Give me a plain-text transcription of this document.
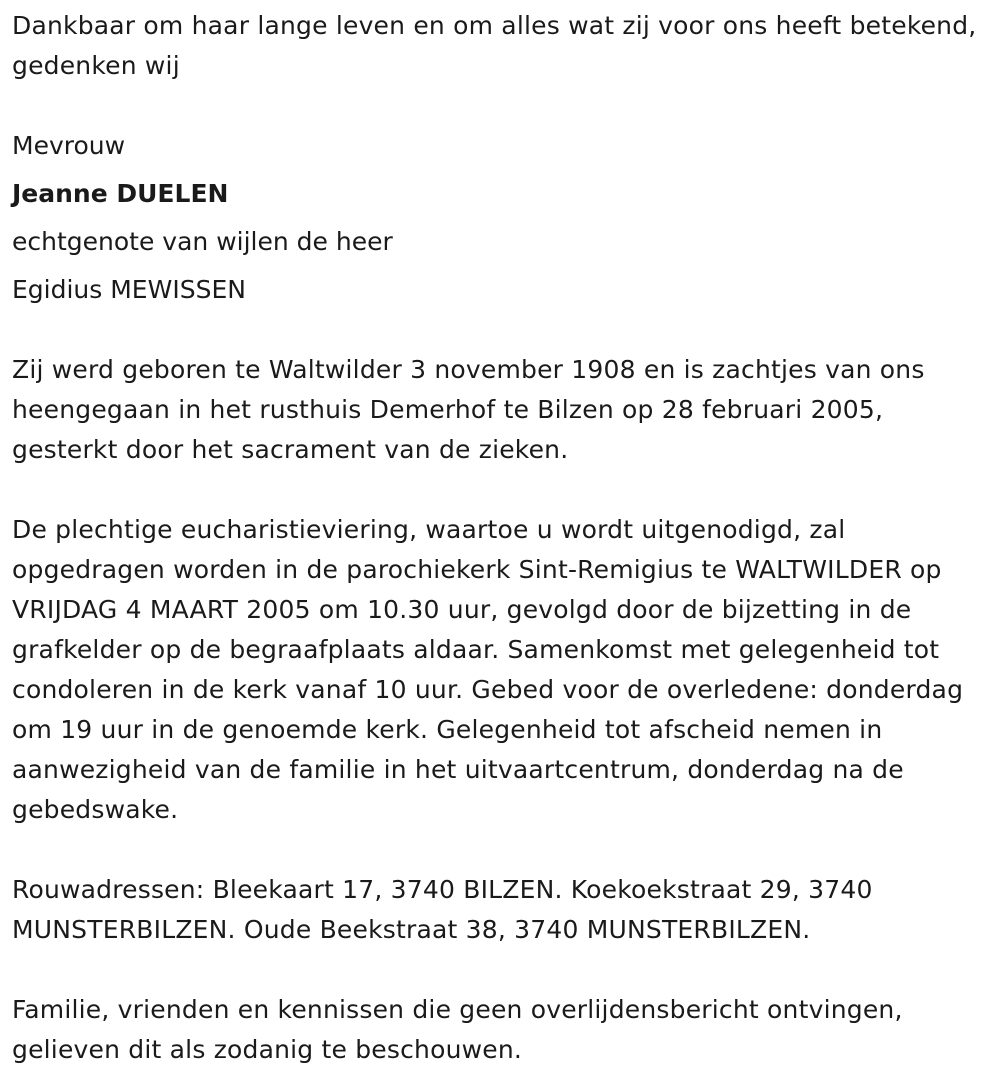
Dankbaar om haar lange leven en om alles wat zij voor ons heeft betekend, gedenken wij

Mevrouw
Jeanne DUELEN
echtgenote van wijlen de heer
Egidius MEWISSEN

Zij werd geboren te Waltwilder 3 november 1908 en is zachtjes van ons heengegaan in het rusthuis Demerhof te Bilzen op 28 februari 2005, gesterkt door het sacrament van de zieken.

De plechtige eucharistieviering, waartoe u wordt uitgenodigd, zal opgedragen worden in de parochiekerk Sint-Remigius te WALTWILDER op VRIJDAG 4 MAART 2005 om 10.30 uur, gevolgd door de bijzetting in de grafkelder op de begraafplaats aldaar. Samenkomst met gelegenheid tot condoleren in de kerk vanaf 10 uur. Gebed voor de overledene: donderdag om 19 uur in de genoemde kerk. Gelegenheid tot afscheid nemen in aanwezigheid van de familie in het uitvaartcentrum, donderdag na de gebedswake.

Rouwadressen: Bleekaart 17, 3740 BILZEN. Koekoekstraat 29, 3740 MUNSTERBILZEN. Oude Beekstraat 38, 3740 MUNSTERBILZEN.

Familie, vrienden en kennissen die geen overlijdensbericht ontvingen, gelieven dit als zodanig te beschouwen.
